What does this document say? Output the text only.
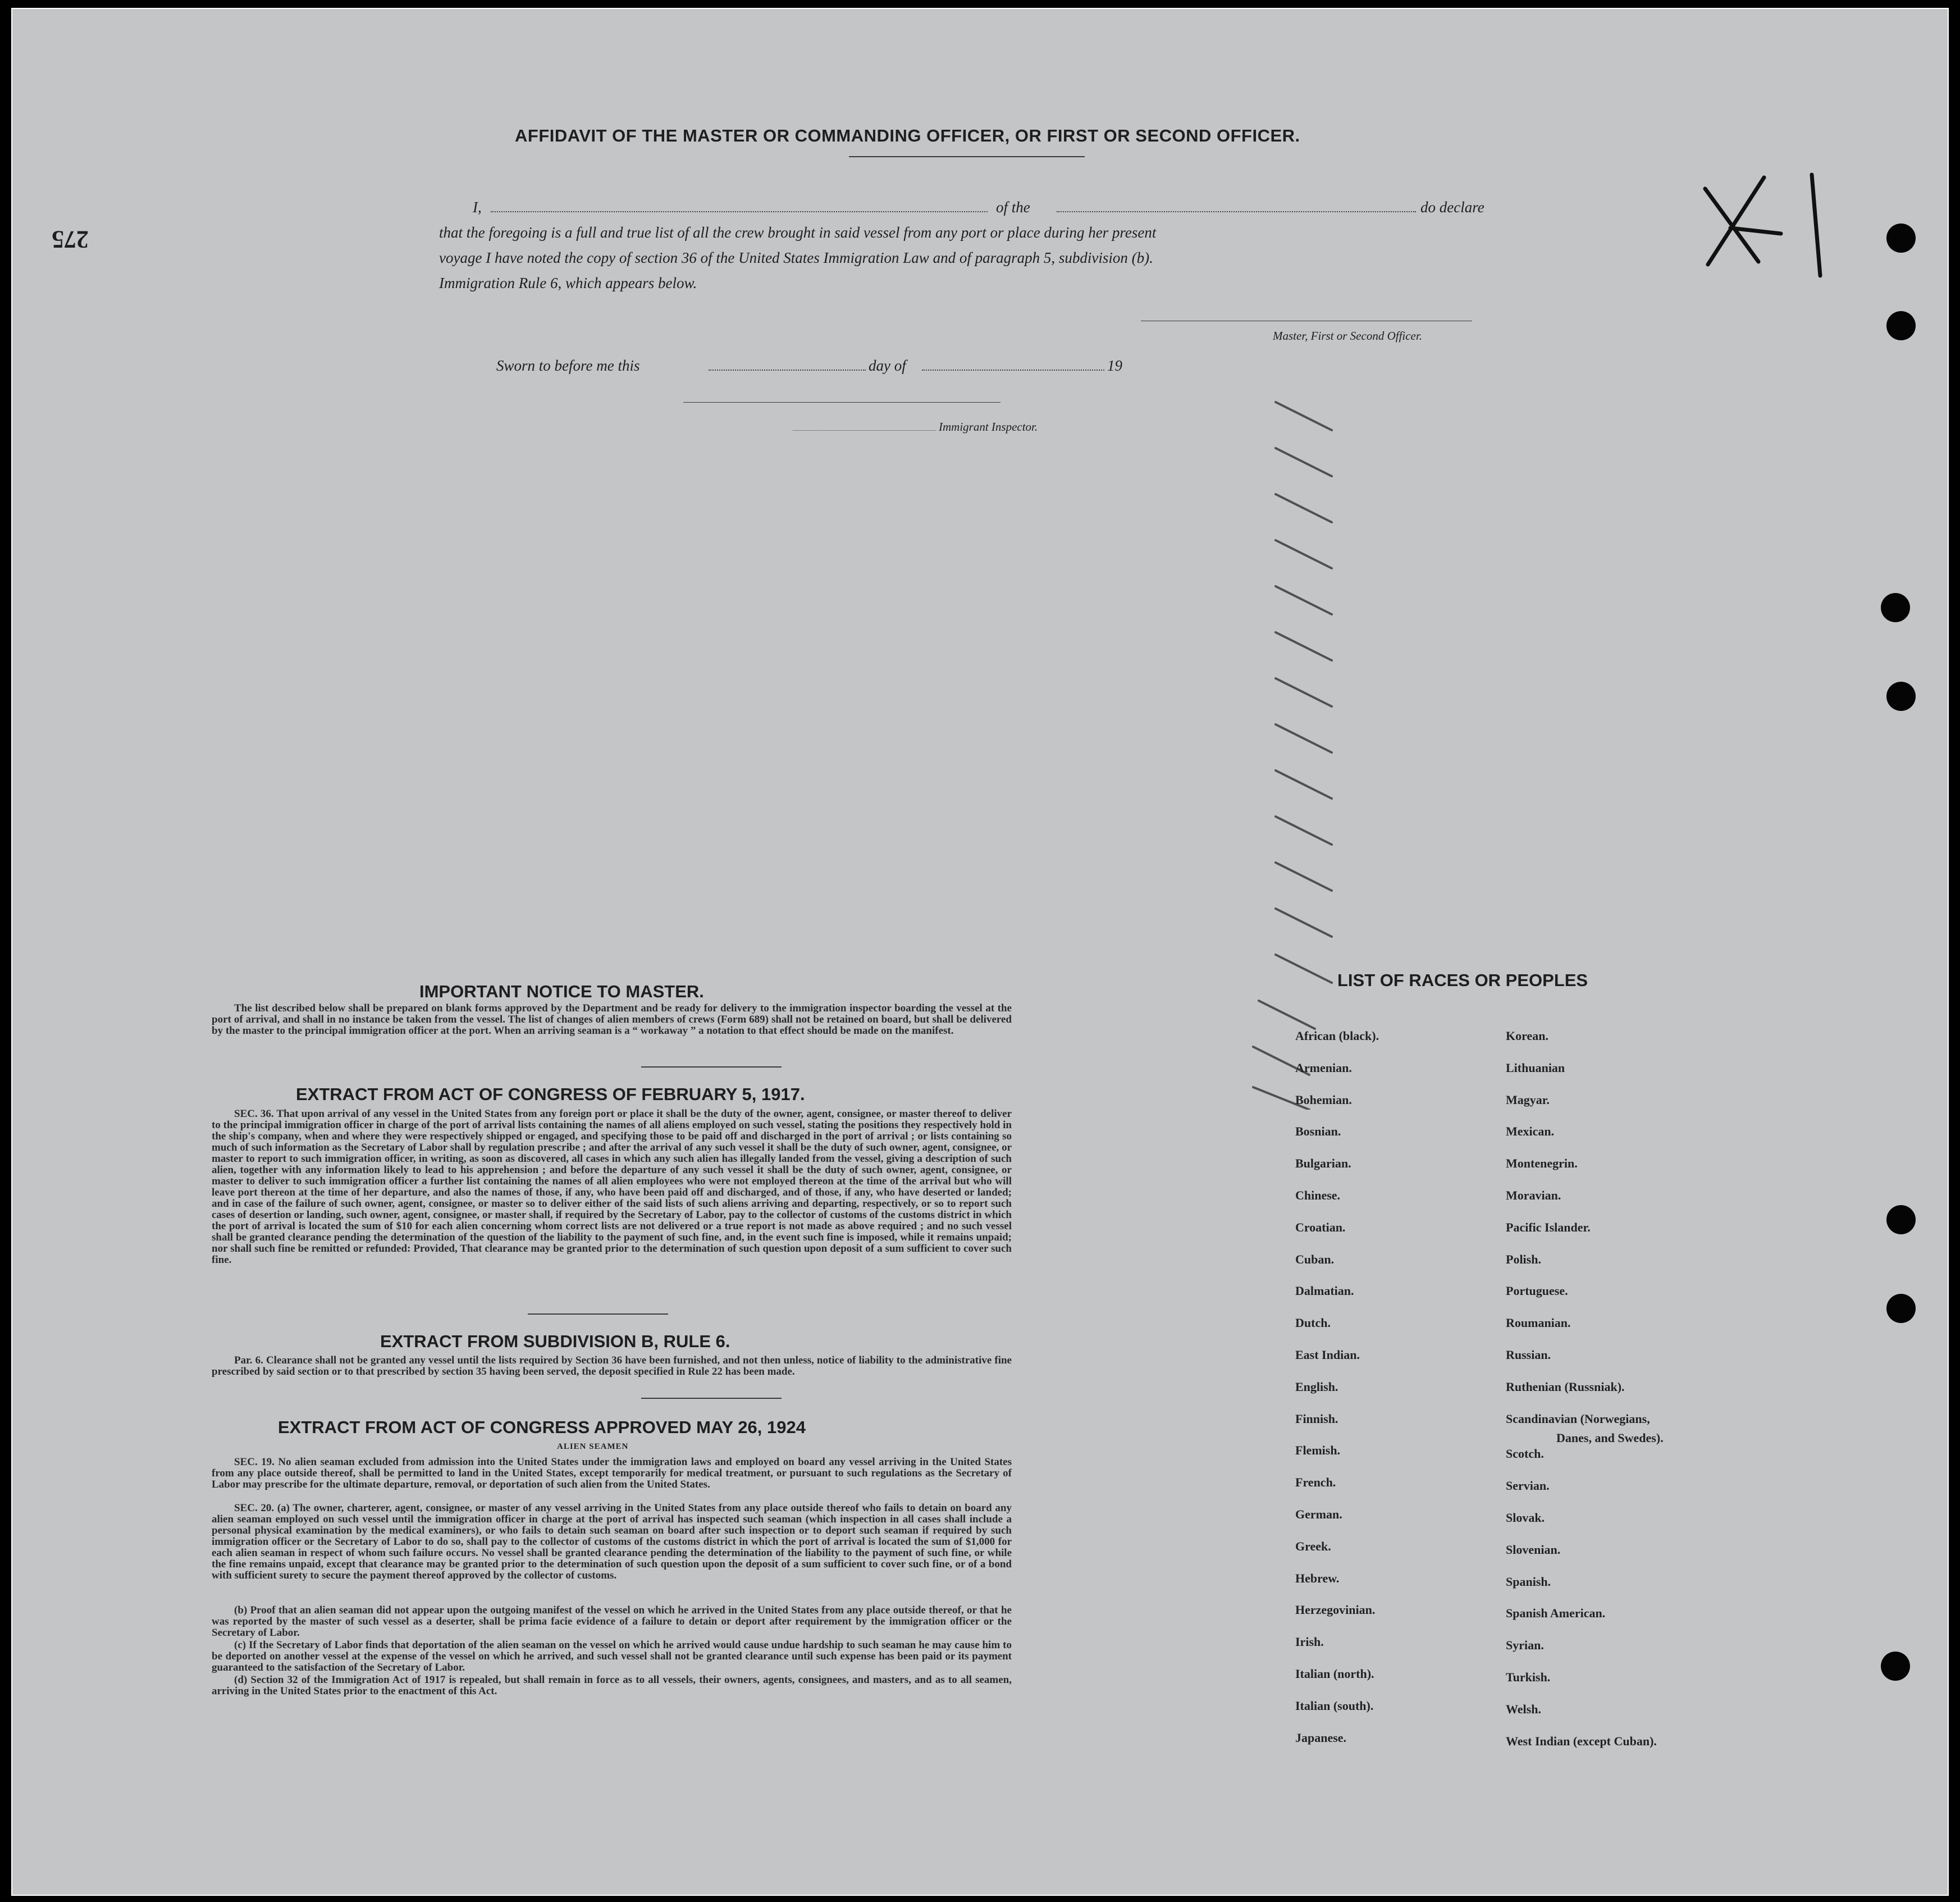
AFFIDAVIT OF THE MASTER OR COMMANDING OFFICER, OR FIRST OR SECOND OFFICER.
I,	of the	do declare
that the foregoing is a full and true list of all the crew brought in said vessel from any port or place during her present
voyage I have noted the copy of section 36 of the United States Immigration Law and of paragraph 5, subdivision (b).
Immigration Rule 6, which appears below.
Master, First or Second Officer.
Sworn to before me this	day of	19
Immigrant Inspector.
275
IMPORTANT NOTICE TO MASTER.
The list described below shall be prepared on blank forms approved by the Department and be ready for delivery to the immigration inspector boarding the vessel at the port of arrival, and shall in no instance be taken from the vessel. The list of changes of alien members of crews (Form 689) shall not be retained on board, but shall be delivered by the master to the principal immigration officer at the port. When an arriving seaman is a “ workaway ” a notation to that effect should be made on the manifest.
EXTRACT FROM ACT OF CONGRESS OF FEBRUARY 5, 1917.
SEC. 36. That upon arrival of any vessel in the United States from any foreign port or place it shall be the duty of the owner, agent, consignee, or master thereof to deliver to the principal immigration officer in charge of the port of arrival lists containing the names of all aliens employed on such vessel, stating the positions they respectively hold in the ship's company, when and where they were respectively shipped or engaged, and specifying those to be paid off and discharged in the port of arrival ; or lists containing so much of such information as the Secretary of Labor shall by regulation prescribe ; and after the arrival of any such vessel it shall be the duty of such owner, agent, consignee, or master to report to such immigration officer, in writing, as soon as discovered, all cases in which any such alien has illegally landed from the vessel, giving a description of such alien, together with any information likely to lead to his apprehension ; and before the departure of any such vessel it shall be the duty of such owner, agent, consignee, or master to deliver to such immigration officer a further list containing the names of all alien employees who were not employed thereon at the time of the arrival but who will leave port thereon at the time of her departure, and also the names of those, if any, who have been paid off and discharged, and of those, if any, who have deserted or landed; and in case of the failure of such owner, agent, consignee, or master so to deliver either of the said lists of such aliens arriving and departing, respectively, or so to report such cases of desertion or landing, such owner, agent, consignee, or master shall, if required by the Secretary of Labor, pay to the collector of customs of the customs district in which the port of arrival is located the sum of $10 for each alien concerning whom correct lists are not delivered or a true report is not made as above required ; and no such vessel shall be granted clearance pending the determination of the question of the liability to the payment of such fine, and, in the event such fine is imposed, while it remains unpaid; nor shall such fine be remitted or refunded: Provided, That clearance may be granted prior to the determination of such question upon deposit of a sum sufficient to cover such fine.
EXTRACT FROM SUBDIVISION B, RULE 6.
Par. 6. Clearance shall not be granted any vessel until the lists required by Section 36 have been furnished, and not then unless, notice of liability to the administrative fine prescribed by said section or to that prescribed by section 35 having been served, the deposit specified in Rule 22 has been made.
EXTRACT FROM ACT OF CONGRESS APPROVED MAY 26, 1924
ALIEN SEAMEN
SEC. 19. No alien seaman excluded from admission into the United States under the immigration laws and employed on board any vessel arriving in the United States from any place outside thereof, shall be permitted to land in the United States, except temporarily for medical treatment, or pursuant to such regulations as the Secretary of Labor may prescribe for the ultimate departure, removal, or deportation of such alien from the United States.
SEC. 20. (a) The owner, charterer, agent, consignee, or master of any vessel arriving in the United States from any place outside thereof who fails to detain on board any alien seaman employed on such vessel until the immigration officer in charge at the port of arrival has inspected such seaman (which inspection in all cases shall include a personal physical examination by the medical examiners), or who fails to detain such seaman on board after such inspection or to deport such seaman if required by such immigration officer or the Secretary of Labor to do so, shall pay to the collector of customs of the customs district in which the port of arrival is located the sum of $1,000 for each alien seaman in respect of whom such failure occurs. No vessel shall be granted clearance pending the determination of the liability to the payment of such fine, or while the fine remains unpaid, except that clearance may be granted prior to the determination of such question upon the deposit of a sum sufficient to cover such fine, or of a bond with sufficient surety to secure the payment thereof approved by the collector of customs.
(b) Proof that an alien seaman did not appear upon the outgoing manifest of the vessel on which he arrived in the United States from any place outside thereof, or that he was reported by the master of such vessel as a deserter, shall be prima facie evidence of a failure to detain or deport after requirement by the immigration officer or the Secretary of Labor.
(c) If the Secretary of Labor finds that deportation of the alien seaman on the vessel on which he arrived would cause undue hardship to such seaman he may cause him to be deported on another vessel at the expense of the vessel on which he arrived, and such vessel shall not be granted clearance until such expense has been paid or its payment guaranteed to the satisfaction of the Secretary of Labor.
(d) Section 32 of the Immigration Act of 1917 is repealed, but shall remain in force as to all vessels, their owners, agents, consignees, and masters, and as to all seamen, arriving in the United States prior to the enactment of this Act.
LIST OF RACES OR PEOPLES
Danes, and Swedes).
African (black).
Armenian.
Bohemian.
Bosnian.
Bulgarian.
Chinese.
Croatian.
Cuban.
Dalmatian.
Dutch.
East Indian.
English.
Finnish.
Flemish.
French.
German.
Greek.
Hebrew.
Herzegovinian.
Irish.
Italian (north).
Italian (south).
Japanese.
Korean.
Lithuanian
Magyar.
Mexican.
Montenegrin.
Moravian.
Pacific Islander.
Polish.
Portuguese.
Roumanian.
Russian.
Ruthenian (Russniak).
Scandinavian (Norwegians,
Scotch.
Servian.
Slovak.
Slovenian.
Spanish.
Spanish American.
Syrian.
Turkish.
Welsh.
West Indian (except Cuban).
